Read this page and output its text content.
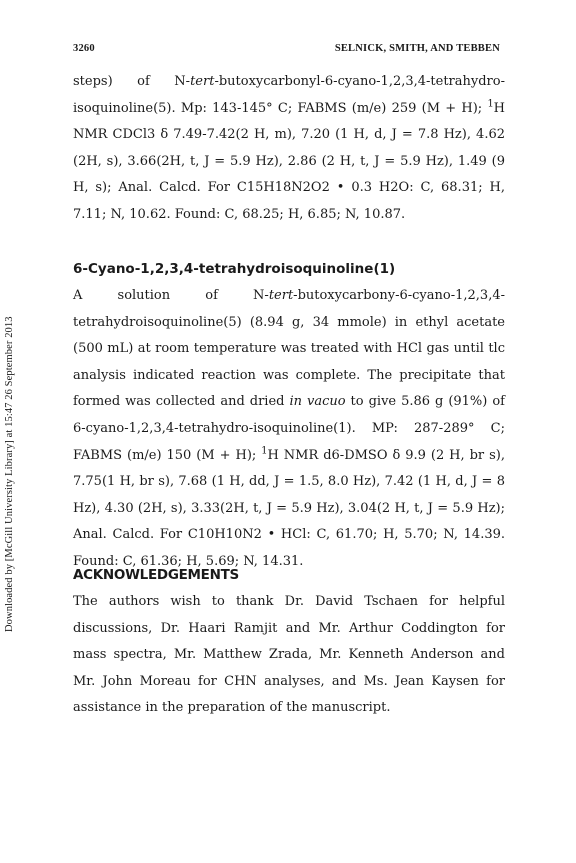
3260	SELNICK, SMITH, AND TEBBEN
Downloaded by [McGill University Library] at 15:47 26 September 2013

steps) of N-tert-butoxycarbonyl-6-cyano-1,2,3,4-tetrahydro-isoquinoline(5). Mp: 143-145° C; FABMS (m/e) 259 (M + H); $^1$H NMR CDCl3 δ 7.49-7.42(2 H, m), 7.20 (1 H, d, J = 7.8 Hz), 4.62 (2H, s), 3.66(2H, t, J = 5.9 Hz), 2.86 (2 H, t, J = 5.9 Hz), 1.49 (9 H, s); Anal. Calcd. For C15H18N2O2 • 0.3 H2O: C, 68.31; H, 7.11; N, 10.62. Found: C, 68.25; H, 6.85; N, 10.87.

6-Cyano-1,2,3,4-tetrahydroisoquinoline(1)

A solution of N-tert-butoxycarbony-6-cyano-1,2,3,4-tetrahydroisoquinoline(5) (8.94 g, 34 mmole) in ethyl acetate (500 mL) at room temperature was treated with HCl gas until tlc analysis indicated reaction was complete. The precipitate that formed was collected and dried in vacuo to give 5.86 g (91%) of 6-cyano-1,2,3,4-tetrahydro-isoquinoline(1). MP: 287-289° C; FABMS (m/e) 150 (M + H); $^1$H NMR d6-DMSO δ 9.9 (2 H, br s), 7.75(1 H, br s), 7.68 (1 H, dd, J = 1.5, 8.0 Hz), 7.42 (1 H, d, J = 8 Hz), 4.30 (2H, s), 3.33(2H, t, J = 5.9 Hz), 3.04(2 H, t, J = 5.9 Hz); Anal. Calcd. For C10H10N2 • HCl: C, 61.70; H, 5.70; N, 14.39. Found: C, 61.36; H, 5.69; N, 14.31.

ACKNOWLEDGEMENTS

The authors wish to thank Dr. David Tschaen for helpful discussions, Dr. Haari Ramjit and Mr. Arthur Coddington for mass spectra, Mr. Matthew Zrada, Mr. Kenneth Anderson and Mr. John Moreau for CHN analyses, and Ms. Jean Kaysen for assistance in the preparation of the manuscript.
